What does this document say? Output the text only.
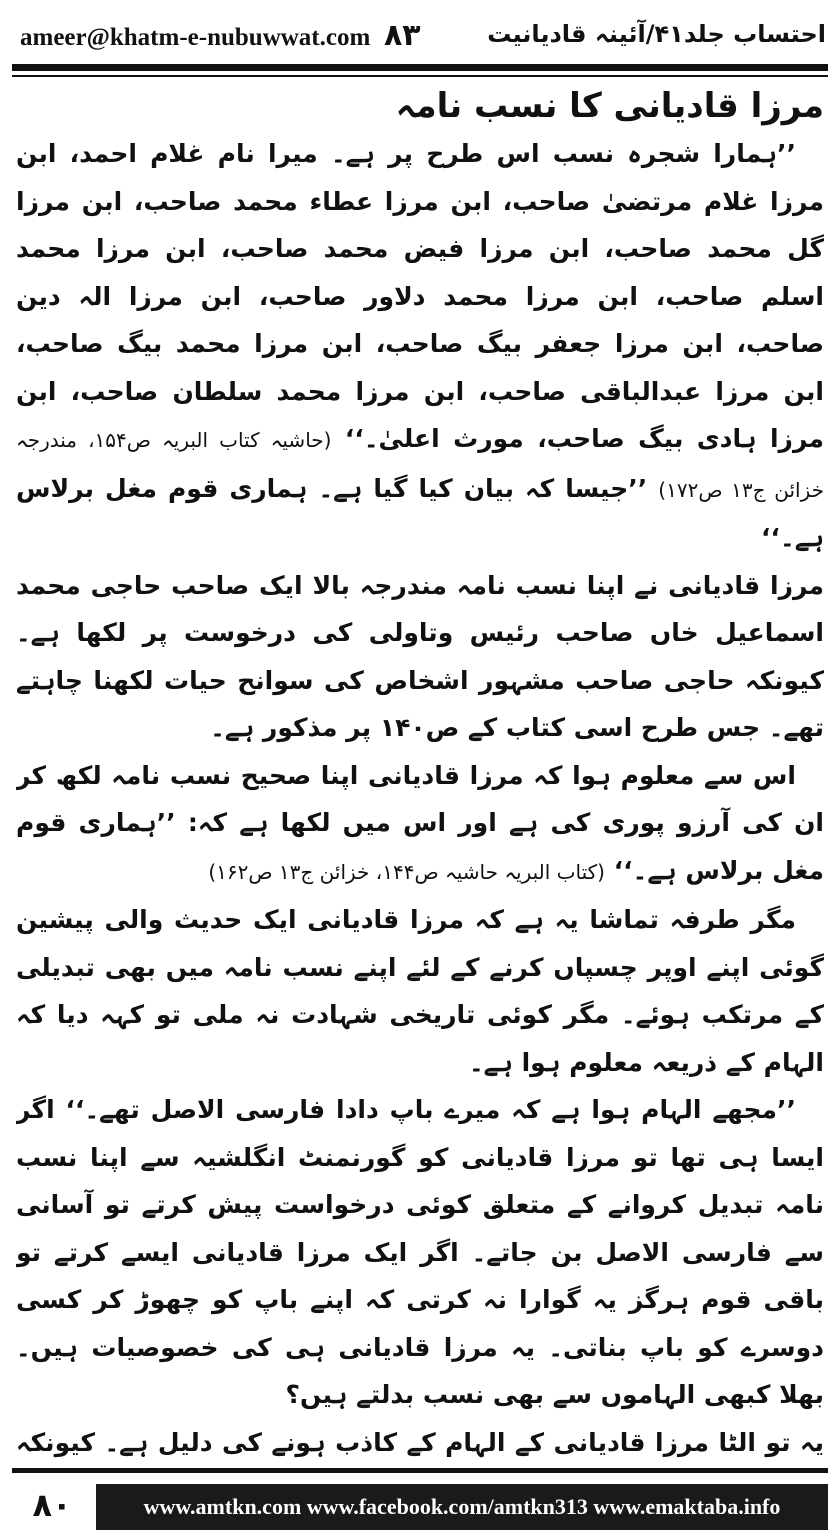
ameer@khatm-e-nubuwwat.com ۸۳	احتساب جلد۴۱/آئینہ قادیانیت
مرزا قادیانی کا نسب نامہ

’’ہمارا شجرہ نسب اس طرح پر ہے۔ میرا نام غلام احمد، ابن مرزا غلام مرتضیٰ صاحب، ابن مرزا عطاء محمد صاحب، ابن مرزا گل محمد صاحب، ابن مرزا فیض محمد صاحب، ابن مرزا محمد اسلم صاحب، ابن مرزا محمد دلاور صاحب، ابن مرزا الہ دین صاحب، ابن مرزا جعفر بیگ صاحب، ابن مرزا محمد بیگ صاحب، ابن مرزا عبدالباقی صاحب، ابن مرزا محمد سلطان صاحب، ابن مرزا ہادی بیگ صاحب، مورث اعلیٰ۔‘‘ (حاشیہ کتاب البریہ ص۱۵۴، مندرجہ خزائن ج۱۳ ص۱۷۲) ’’جیسا کہ بیان کیا گیا ہے۔ ہماری قوم مغل برلاس ہے۔‘‘

مرزا قادیانی نے اپنا نسب نامہ مندرجہ بالا ایک صاحب حاجی محمد اسماعیل خاں صاحب رئیس وتاولی کی درخوست پر لکھا ہے۔ کیونکہ حاجی صاحب مشہور اشخاص کی سوانح حیات لکھنا چاہتے تھے۔ جس طرح اسی کتاب کے ص۱۴۰ پر مذکور ہے۔

اس سے معلوم ہوا کہ مرزا قادیانی اپنا صحیح نسب نامہ لکھ کر ان کی آرزو پوری کی ہے اور اس میں لکھا ہے کہ: ’’ہماری قوم مغل برلاس ہے۔‘‘ (کتاب البریہ حاشیہ ص۱۴۴، خزائن ج۱۳ ص۱۶۲)

مگر طرفہ تماشا یہ ہے کہ مرزا قادیانی ایک حدیث والی پیشین گوئی اپنے اوپر چسپاں کرنے کے لئے اپنے نسب نامہ میں بھی تبدیلی کے مرتکب ہوئے۔ مگر کوئی تاریخی شہادت نہ ملی تو کہہ دیا کہ الہام کے ذریعہ معلوم ہوا ہے۔

’’مجھے الہام ہوا ہے کہ میرے باپ دادا فارسی الاصل تھے۔‘‘ اگر ایسا ہی تھا تو مرزا قادیانی کو گورنمنٹ انگلشیہ سے اپنا نسب نامہ تبدیل کروانے کے متعلق کوئی درخواست پیش کرتے تو آسانی سے فارسی الاصل بن جاتے۔ اگر ایک مرزا قادیانی ایسے کرتے تو باقی قوم ہرگز یہ گوارا نہ کرتی کہ اپنے باپ کو چھوڑ کر کسی دوسرے کو باپ بناتی۔ یہ مرزا قادیانی ہی کی خصوصیات ہیں۔ بھلا کبھی الہاموں سے بھی نسب بدلتے ہیں؟

یہ تو الٹا مرزا قادیانی کے الہام کے کاذب ہونے کی دلیل ہے۔ کیونکہ

۸۰	www.amtkn.com www.facebook.com/amtkn313 www.emaktaba.info
